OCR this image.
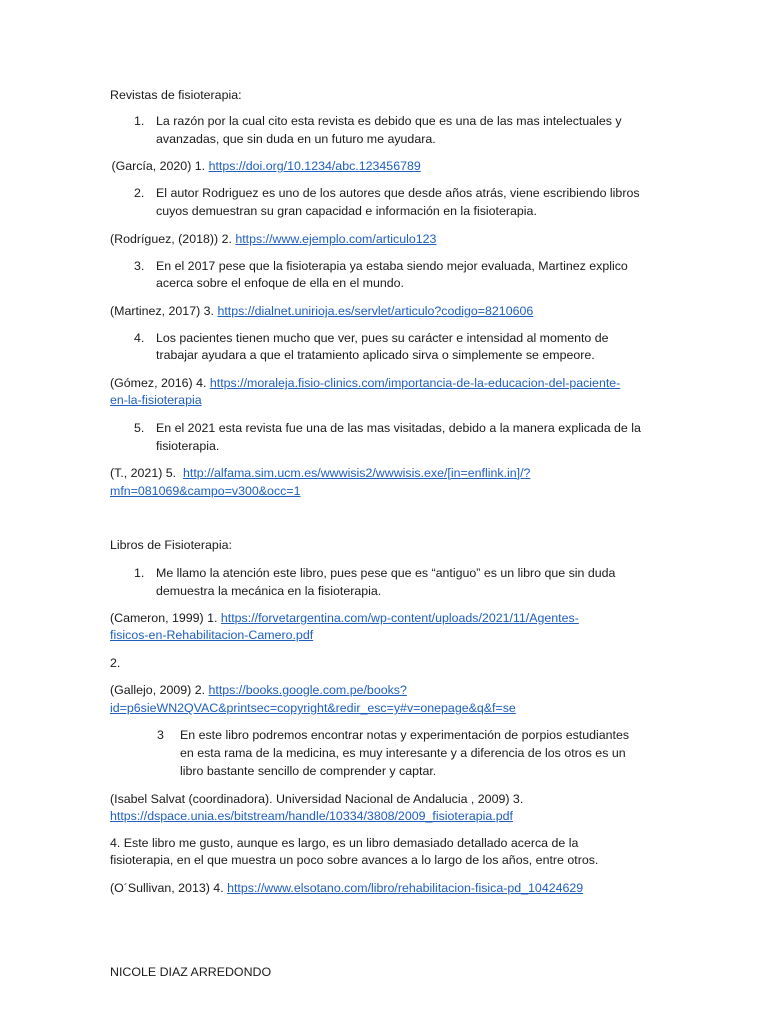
Revistas de fisioterapia:
1. La razón por la cual cito esta revista es debido que es una de las mas intelectuales y
avanzadas, que sin duda en un futuro me ayudara.
(García, 2020) 1. https://doi.org/10.1234/abc.123456789
2. El autor Rodriguez es uno de los autores que desde años atrás, viene escribiendo libros
cuyos demuestran su gran capacidad e información en la fisioterapia.
(Rodríguez, (2018)) 2. https://www.ejemplo.com/articulo123
3. En el 2017 pese que la fisioterapia ya estaba siendo mejor evaluada, Martinez explico
acerca sobre el enfoque de ella en el mundo.
(Martinez, 2017) 3. https://dialnet.unirioja.es/servlet/articulo?codigo=8210606
4. Los pacientes tienen mucho que ver, pues su carácter e intensidad al momento de
trabajar ayudara a que el tratamiento aplicado sirva o simplemente se empeore.
(Gómez, 2016) 4. https://moraleja.fisio-clinics.com/importancia-de-la-educacion-del-paciente-
en-la-fisioterapia
5. En el 2021 esta revista fue una de las mas visitadas, debido a la manera explicada de la
fisioterapia.
(T., 2021) 5.  http://alfama.sim.ucm.es/wwwisis2/wwwisis.exe/[in=enflink.in]/?
mfn=081069&campo=v300&occ=1
Libros de Fisioterapia:
1. Me llamo la atención este libro, pues pese que es “antiguo” es un libro que sin duda
demuestra la mecánica en la fisioterapia.
(Cameron, 1999) 1. https://forvetargentina.com/wp-content/uploads/2021/11/Agentes-
fisicos-en-Rehabilitacion-Camero.pdf
2.
(Gallejo, 2009) 2. https://books.google.com.pe/books?
id=p6sieWN2QVAC&printsec=copyright&redir_esc=y#v=onepage&q&f=se
3 En este libro podremos encontrar notas y experimentación de porpios estudiantes
en esta rama de la medicina, es muy interesante y a diferencia de los otros es un
libro bastante sencillo de comprender y captar.
(Isabel Salvat (coordinadora). Universidad Nacional de Andalucia , 2009) 3.
https://dspace.unia.es/bitstream/handle/10334/3808/2009_fisioterapia.pdf
4. Este libro me gusto, aunque es largo, es un libro demasiado detallado acerca de la
fisioterapia, en el que muestra un poco sobre avances a lo largo de los años, entre otros.
(O´Sullivan, 2013) 4. https://www.elsotano.com/libro/rehabilitacion-fisica-pd_10424629
NICOLE DIAZ ARREDONDO
